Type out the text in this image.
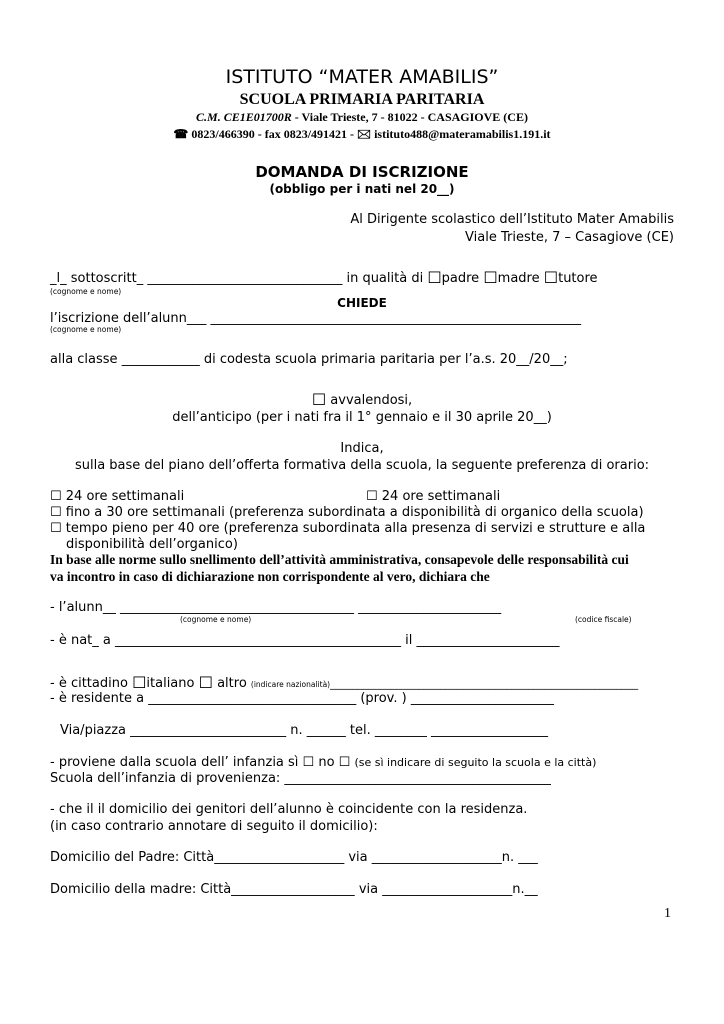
ISTITUTO “MATER AMABILIS”
SCUOLA PRIMARIA PARITARIA
C.M. CE1E01700R - Viale Trieste, 7 - 81022 - CASAGIOVE (CE)
☎ 0823/466390 - fax 0823/491421 - 🖂 istituto488@materamabilis1.191.it
DOMANDA DI ISCRIZIONE
(obbligo per i nati nel 20__)
Al Dirigente scolastico dell’Istituto Mater Amabilis
Viale Trieste, 7 – Casagiove (CE)
_l_ sottoscritt_ ______________________________ in qualità di ☐padre ☐madre ☐tutore
(cognome e nome)
CHIEDE
l’iscrizione dell’alunn___ _________________________________________________________
(cognome e nome)
alla classe ____________ di codesta scuola primaria paritaria per l’a.s. 20__/20__;
☐ avvalendosi,
dell’anticipo (per i nati fra il 1° gennaio e il 30 aprile 20__)
Indica,
sulla base del piano dell’offerta formativa della scuola, la seguente preferenza di orario:
☐ 24 ore settimanali	☐ 24 ore settimanali
☐ fino a 30 ore settimanali (preferenza subordinata a disponibilità di organico della scuola)
☐ tempo pieno per 40 ore (preferenza subordinata alla presenza di servizi e strutture e alla
disponibilità dell’organico)
In base alle norme sullo snellimento dell’attività amministrativa, consapevole delle responsabilità cui
va incontro in caso di dichiarazione non corrispondente al vero, dichiara che
- l’alunn__ ____________________________________ ______________________
(cognome e nome)	(codice fiscale)
- è nat_ a ____________________________________________ il ______________________
- è cittadino ☐italiano ☐ altro (indicare nazionalità)________________________________________________________
- è residente a ________________________________ (prov. ) ______________________
Via/piazza ________________________ n. ______ tel. ________ __________________
- proviene dalla scuola dell’ infanzia sì ☐ no ☐ (se sì indicare di seguito la scuola e la città)
Scuola dell’infanzia di provenienza: _________________________________________
- che il il domicilio dei genitori dell’alunno è coincidente con la residenza.
(in caso contrario annotare di seguito il domicilio):
Domicilio del Padre: Città____________________ via ____________________n. ___
Domicilio della madre: Città___________________ via ____________________n.__
1
